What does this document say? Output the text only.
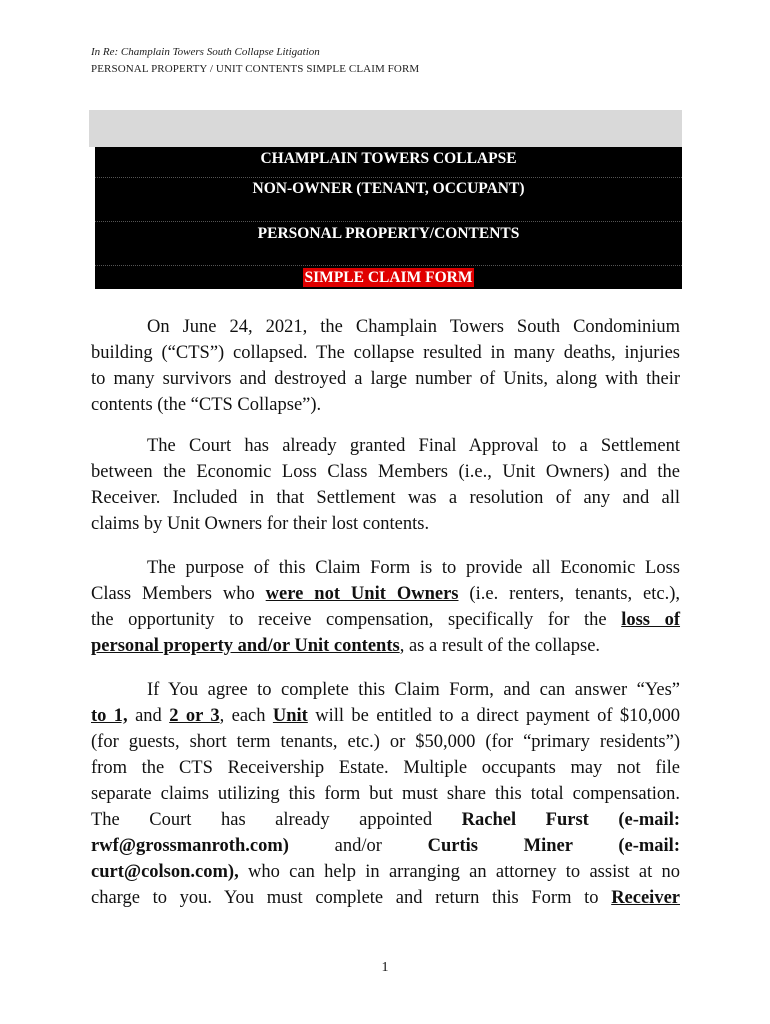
In Re: Champlain Towers South Collapse Litigation
PERSONAL PROPERTY / UNIT CONTENTS SIMPLE CLAIM FORM
CHAMPLAIN TOWERS COLLAPSE
NON-OWNER (TENANT, OCCUPANT)
PERSONAL PROPERTY/CONTENTS
SIMPLE CLAIM FORM
On June 24, 2021, the Champlain Towers South Condominium
building (“CTS”) collapsed. The collapse resulted in many deaths, injuries
to many survivors and destroyed a large number of Units, along with their
contents (the “CTS Collapse”).
The Court has already granted Final Approval to a Settlement
between the Economic Loss Class Members (i.e., Unit Owners) and the
Receiver. Included in that Settlement was a resolution of any and all
claims by Unit Owners for their lost contents.
The purpose of this Claim Form is to provide all Economic Loss
Class Members who were not Unit Owners (i.e. renters, tenants, etc.),
the opportunity to receive compensation, specifically for the loss of
personal property and/or Unit contents, as a result of the collapse.
If You agree to complete this Claim Form, and can answer “Yes”
to 1, and 2 or 3, each Unit will be entitled to a direct payment of $10,000
(for guests, short term tenants, etc.) or $50,000 (for “primary residents”)
from the CTS Receivership Estate. Multiple occupants may not file
separate claims utilizing this form but must share this total compensation.
The Court has already appointed Rachel Furst (e-mail:
rwf@grossmanroth.com) and/or Curtis Miner (e-mail:
curt@colson.com), who can help in arranging an attorney to assist at no
charge to you. You must complete and return this Form to Receiver
1
